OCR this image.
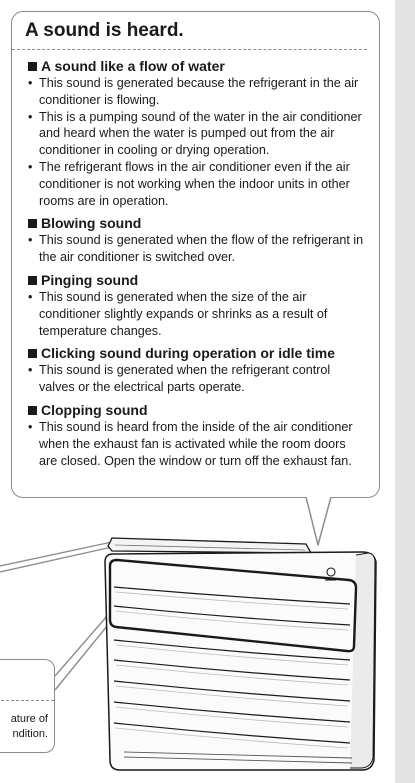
A sound is heard.
A sound like a flow of water
• This sound is generated because the refrigerant in the air conditioner is flowing.
• This is a pumping sound of the water in the air conditioner and heard when the water is pumped out from the air conditioner in cooling or drying operation.
• The refrigerant flows in the air conditioner even if the air conditioner is not working when the indoor units in other rooms are in operation.
Blowing sound
• This sound is generated when the flow of the refrigerant in the air conditioner is switched over.
Pinging sound
• This sound is generated when the size of the air conditioner slightly expands or shrinks as a result of temperature changes.
Clicking sound during operation or idle time
• This sound is generated when the refrigerant control valves or the electrical parts operate.
Clopping sound
• This sound is heard from the inside of the air conditioner when the exhaust fan is activated while the room doors are closed. Open the window or turn off the exhaust fan.
ature of
ndition.
